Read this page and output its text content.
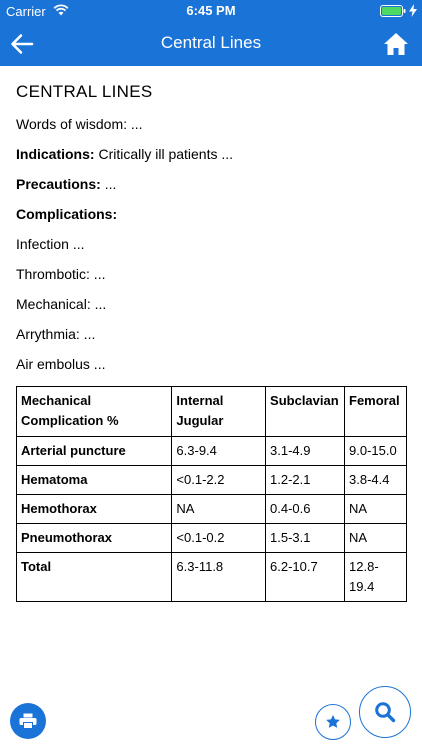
Carrier	6:45 PM
Central Lines
CENTRAL LINES
Words of wisdom: ...
Indications: Critically ill patients ...
Precautions: ...
Complications:
Infection ...
Thrombotic: ...
Mechanical: ...
Arrythmia: ...
Air embolus ...
Mechanical Complication %	Internal Jugular	Subclavian	Femoral
Arterial puncture	6.3-9.4	3.1-4.9	9.0-15.0
Hematoma	<0.1-2.2	1.2-2.1	3.8-4.4
Hemothorax	NA	0.4-0.6	NA
Pneumothorax	<0.1-0.2	1.5-3.1	NA
Total	6.3-11.8	6.2-10.7	12.8-19.4
